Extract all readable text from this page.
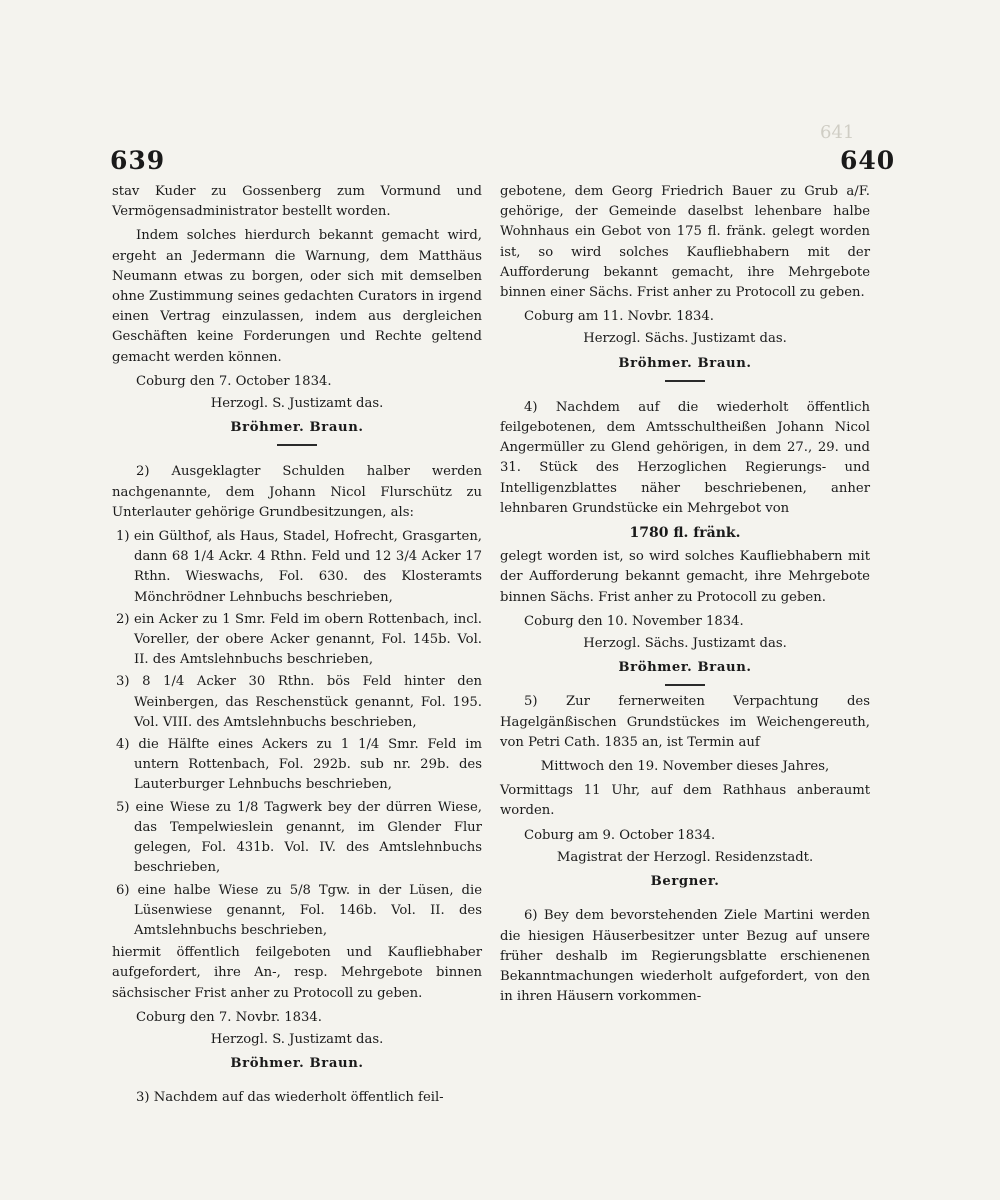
641
639	640

stav Kuder zu Gossenberg zum Vormund und Vermögensadministrator bestellt worden.

Indem solches hierdurch bekannt gemacht wird, ergeht an Jedermann die Warnung, dem Matthäus Neumann etwas zu borgen, oder sich mit demselben ohne Zustimmung seines gedachten Curators in irgend einen Vertrag einzulassen, indem aus dergleichen Geschäften keine Forderungen und Rechte geltend gemacht werden können.

Coburg den 7. October 1834.

Herzogl. S. Justizamt das.

Bröhmer. Braun.

2) Ausgeklagter Schulden halber werden nachgenannte, dem Johann Nicol Flurschütz zu Unterlauter gehörige Grundbesitzungen, als:

1) ein Gülthof, als Haus, Stadel, Hofrecht, Grasgarten, dann 68 1/4 Ackr. 4 Rthn. Feld und 12 3/4 Acker 17 Rthn. Wieswachs, Fol. 630. des Klosteramts Mönchrödner Lehnbuchs beschrieben,

2) ein Acker zu 1 Smr. Feld im obern Rottenbach, incl. Voreller, der obere Acker genannt, Fol. 145b. Vol. II. des Amtslehnbuchs beschrieben,

3) 8 1/4 Acker 30 Rthn. bös Feld hinter den Weinbergen, das Reschenstück genannt, Fol. 195. Vol. VIII. des Amtslehnbuchs beschrieben,

4) die Hälfte eines Ackers zu 1 1/4 Smr. Feld im untern Rottenbach, Fol. 292b. sub nr. 29b. des Lauterburger Lehnbuchs beschrieben,

5) eine Wiese zu 1/8 Tagwerk bey der dürren Wiese, das Tempelwieslein genannt, im Glender Flur gelegen, Fol. 431b. Vol. IV. des Amtslehnbuchs beschrieben,

6) eine halbe Wiese zu 5/8 Tgw. in der Lüsen, die Lüsenwiese genannt, Fol. 146b. Vol. II. des Amtslehnbuchs beschrieben,

hiermit öffentlich feilgeboten und Kaufliebhaber aufgefordert, ihre An-, resp. Mehrgebote binnen sächsischer Frist anher zu Protocoll zu geben.

Coburg den 7. Novbr. 1834.

Herzogl. S. Justizamt das.

Bröhmer. Braun.

3) Nachdem auf das wiederholt öffentlich feil-

gebotene, dem Georg Friedrich Bauer zu Grub a/F. gehörige, der Gemeinde daselbst lehenbare halbe Wohnhaus ein Gebot von 175 fl. fränk. gelegt worden ist, so wird solches Kaufliebhabern mit der Aufforderung bekannt gemacht, ihre Mehrgebote binnen einer Sächs. Frist anher zu Protocoll zu geben.

Coburg am 11. Novbr. 1834.

Herzogl. Sächs. Justizamt das.

Bröhmer. Braun.

4) Nachdem auf die wiederholt öffentlich feilgebotenen, dem Amtsschultheißen Johann Nicol Angermüller zu Glend gehörigen, in dem 27., 29. und 31. Stück des Herzoglichen Regierungs- und Intelligenzblattes näher beschriebenen, anher lehnbaren Grundstücke ein Mehrgebot von

1780 fl. fränk.

gelegt worden ist, so wird solches Kaufliebhabern mit der Aufforderung bekannt gemacht, ihre Mehrgebote binnen Sächs. Frist anher zu Protocoll zu geben.

Coburg den 10. November 1834.

Herzogl. Sächs. Justizamt das.

Bröhmer. Braun.

5) Zur fernerweiten Verpachtung des Hagelgänßischen Grundstückes im Weichengereuth, von Petri Cath. 1835 an, ist Termin auf

Mittwoch den 19. November dieses Jahres,

Vormittags 11 Uhr, auf dem Rathhaus anberaumt worden.

Coburg am 9. October 1834.

Magistrat der Herzogl. Residenzstadt.

Bergner.

6) Bey dem bevorstehenden Ziele Martini werden die hiesigen Häuserbesitzer unter Bezug auf unsere früher deshalb im Regierungsblatte erschienenen Bekanntmachungen wiederholt aufgefordert, von den in ihren Häusern vorkommen-
